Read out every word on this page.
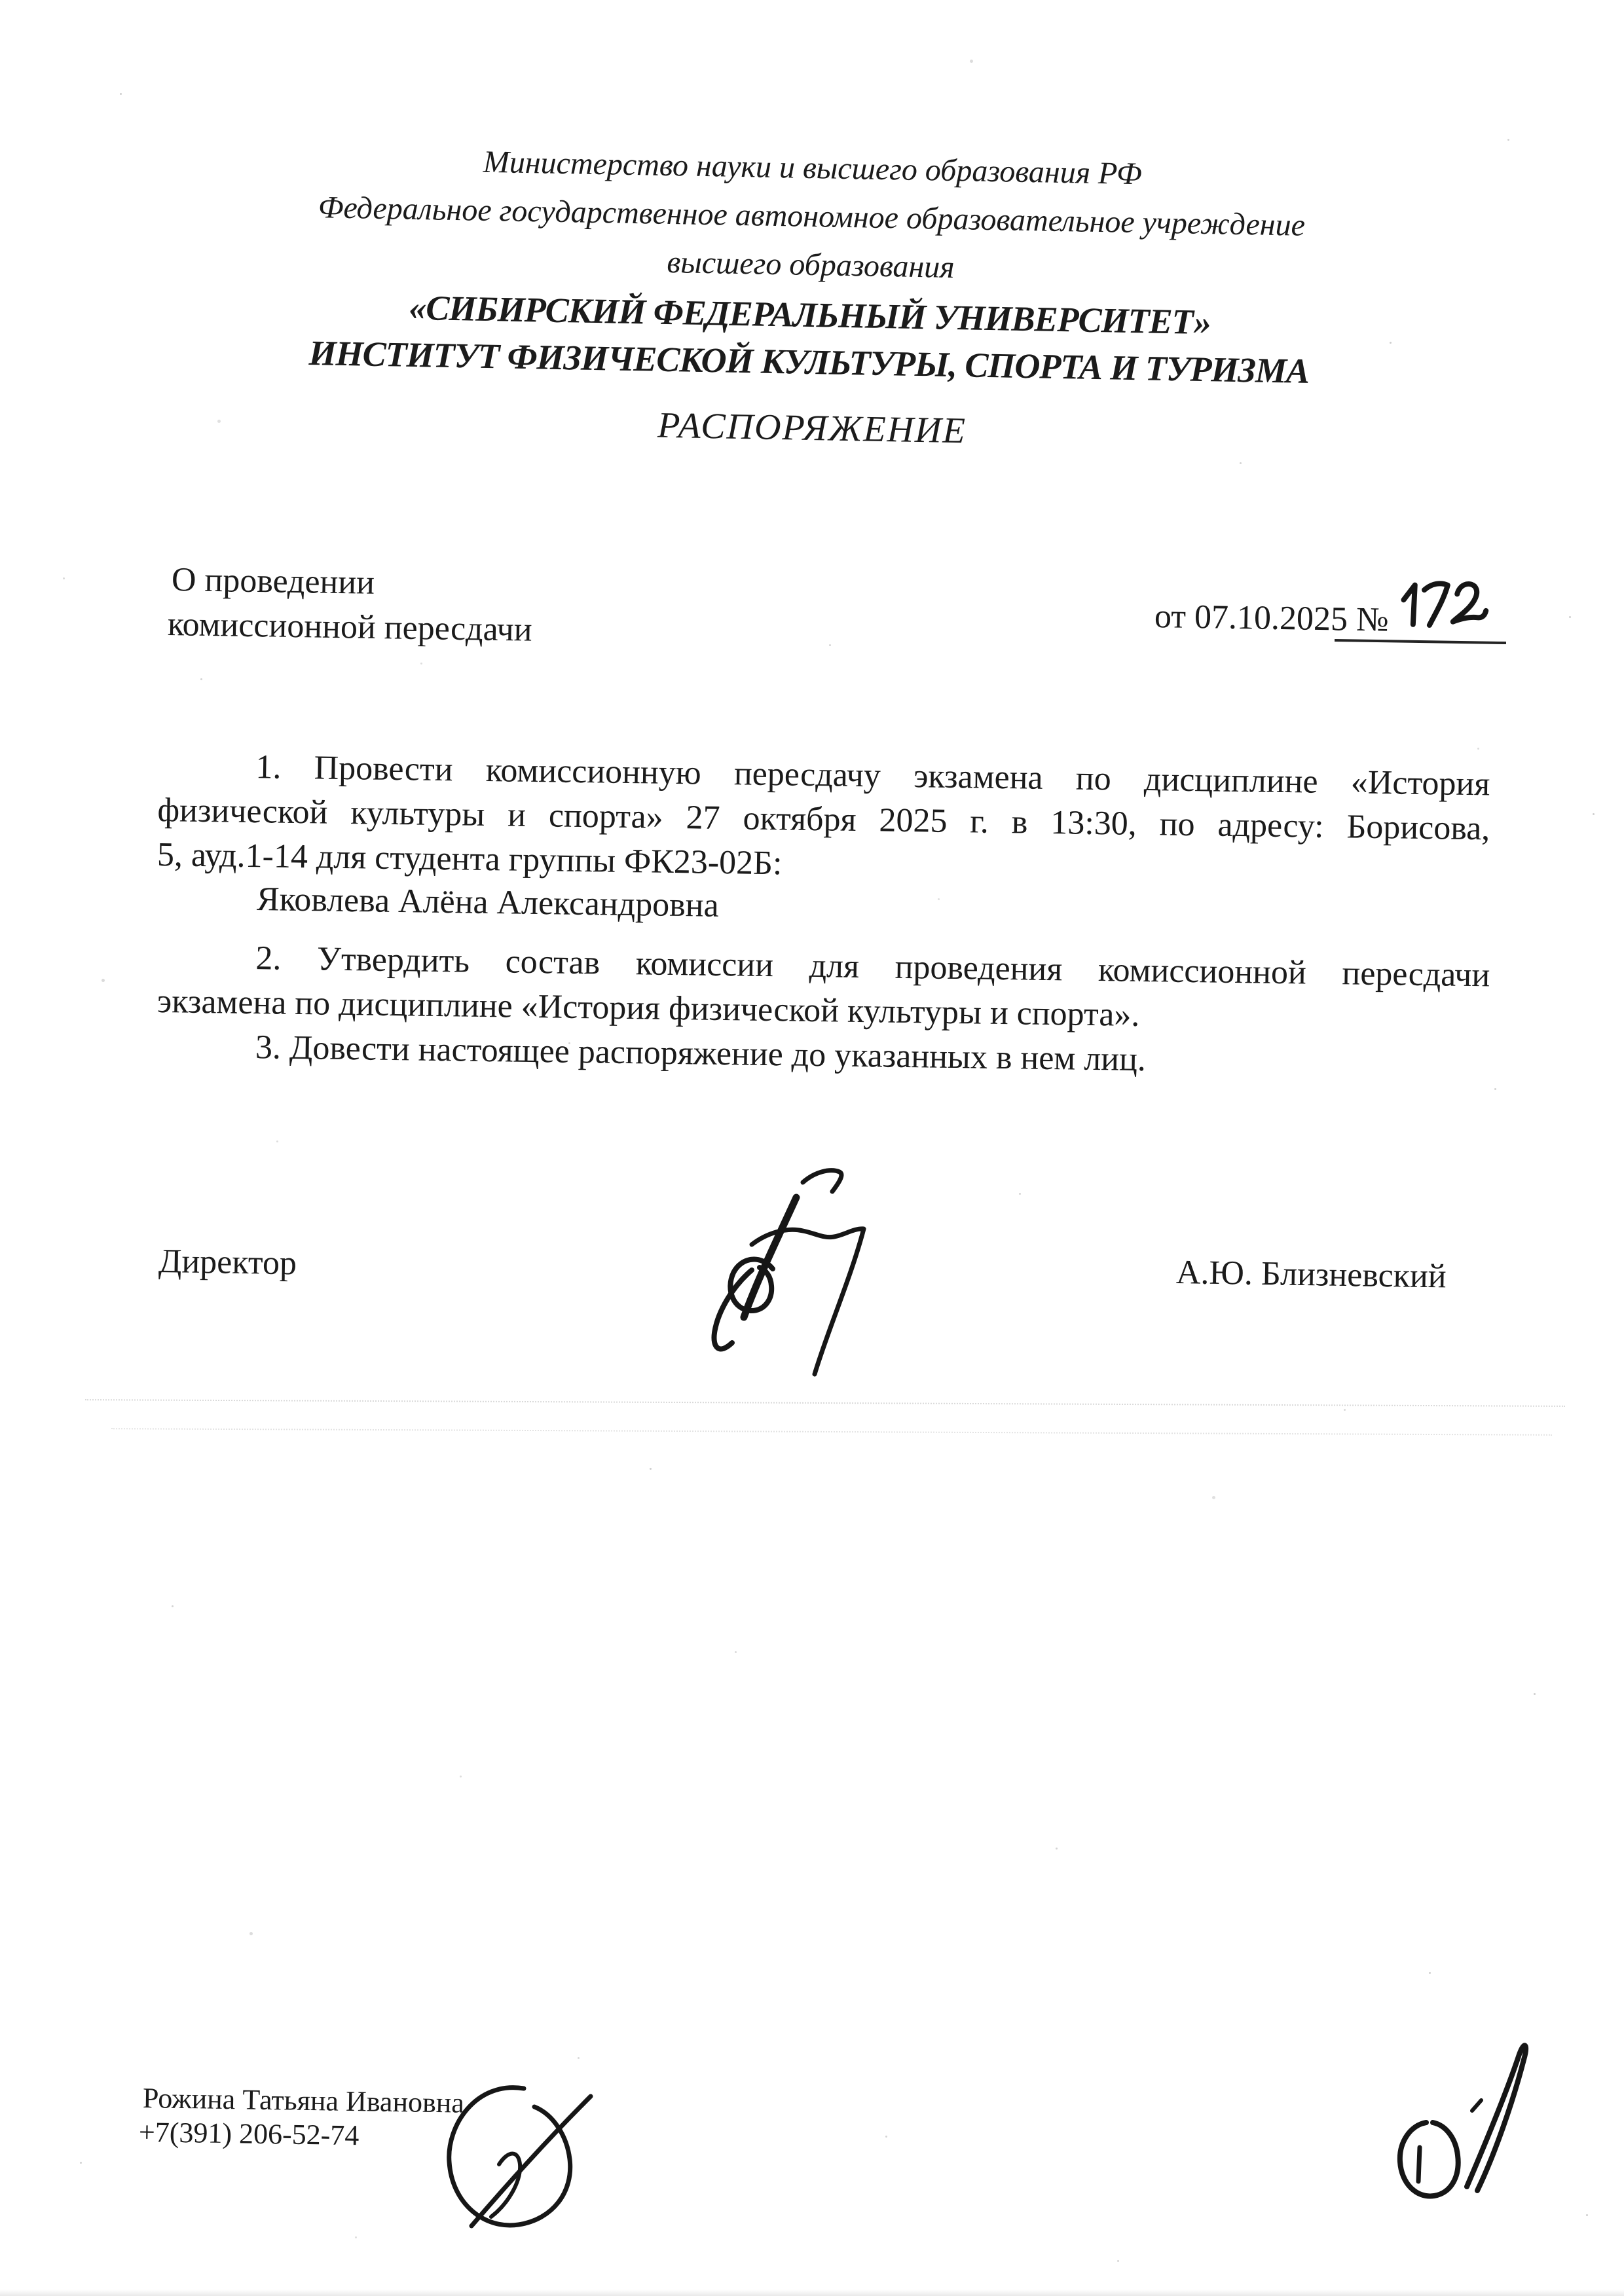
Министерство науки и высшего образования РФ
Федеральное государственное автономное образовательное учреждение
высшего образования
«СИБИРСКИЙ ФЕДЕРАЛЬНЫЙ УНИВЕРСИТЕТ»
ИНСТИТУТ ФИЗИЧЕСКОЙ КУЛЬТУРЫ, СПОРТА И ТУРИЗМА
РАСПОРЯЖЕНИЕ
О проведении
комиссионной пересдачи	от 07.10.2025 №
1. Провести комиссионную пересдачу экзамена по дисциплине «История
физической культуры и спорта» 27 октября 2025 г. в 13:30, по адресу: Борисова,
5, ауд.1-14 для студента группы ФК23-02Б:
Яковлева Алёна Александровна
2. Утвердить состав комиссии для проведения комиссионной пересдачи
экзамена по дисциплине «История физической культуры и спорта».
3. Довести настоящее распоряжение до указанных в нем лиц.
Директор	А.Ю. Близневский
Рожина Татьяна Ивановна
+7(391) 206-52-74
